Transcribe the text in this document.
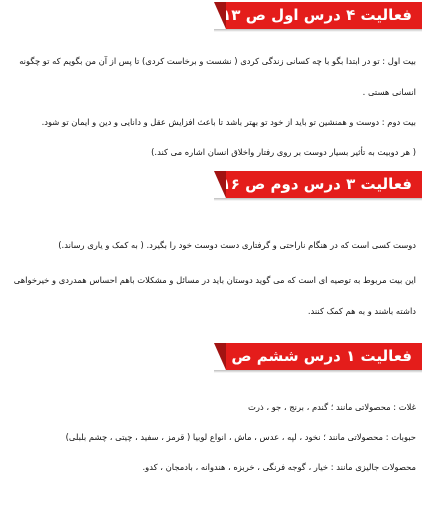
فعالیت ۴ درس اول ص ۱۳
بیت اول : تو در ابتدا بگو با چه کسانی زندگی کردی ( نشست و برخاست کردی) تا پس از آن من بگویم که تو چگونه
انسانی هستی .
بیت دوم : دوست و همنشین تو باید از خود تو بهتر باشد تا باعث افزایش عقل و دانایی و دین و ایمان تو شود.
( هر دوبیت به تأثیر بسیار دوست بر روی رفتار واخلاق انسان اشاره می کند.)
فعالیت ۳ درس دوم ص ۱۶
دوست کسی است که در هنگام ناراحتی و گرفتاری دست دوست خود را بگیرد. ( به کمک و یاری رساند.)
این بیت مربوط به توصیه ای است که می گوید دوستان باید در مسائل و مشکلات باهم احساس همدردی و خیرخواهی
داشته باشند و به هم کمک کنند.
فعالیت ۱ درس ششم ص ۲۸
غلات : محصولاتی مانند ؛ گندم ، برنج ، جو ، ذرت
حبوبات : محصولاتی مانند ؛ نخود ، لپه ، عدس ، ماش ، انواع لوبیا ( قرمز ، سفید ، چیتی ، چشم بلبلی)
محصولات جالیزی مانند : خیار ، گوجه فرنگی ، خربزه ، هندوانه ، بادمجان ، کدو.
